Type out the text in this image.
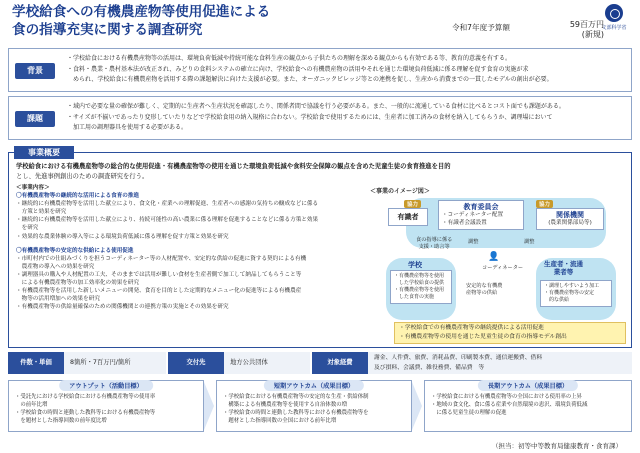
学校給食への有機農産物等使用促進による
食の指導充実に関する調査研究	令和7年度予算額	59百万円
(新規)
文部科学省
背景

・学校給食における有機農産物等の活用は、環境負荷低減や持続可能な食料生産の観点から子供たちの理解を深める観点からも有効である等、教育的意義を有する。

・食料・農業・農村基本法が改正され、みどりの食料システムの確立に向け、学校給食への有機農産物の活用やそれを通じた環境負荷低減に係る理解を促す食育の実施が求

　められ、学校給食に有機農産物を活用する際の課題解決に向けた支援が必要。また、オーガニックビレッジ等との連携を促し、生産から消費までの一貫したモデルの創出が必要。

課題

・域内で必要な量の確保が難しく、定期的に生産者へ生産状況を確認したり、関係者間で協議を行う必要がある。また、一般的に流通している食材に比べるとコスト面でも課題がある。

・サイズが不揃いであったり変形していたりなどで学校給食用の納入規格に合わない。学校給食で使用するためには、生産者に加工済みの食材を納入してもらうか、調理場において

　加工用の調理器具を使用する必要がある。

事業概要

学校給食における有機農産物等の総合的な使用促進・有機農産物等の使用を通じた環境負荷低減や食料安全保障の観点を含めた児童生徒の食育推進を目的

とし、先進事例創出のための調査研究を行う。

＜事業内容＞

〇有機農産物等の継続的な活用による食育の推進

・継続的に有機農産物等を活用した献立により、食文化・産業への理解促進、生産者への感謝の気持ちの醸成などに係る

　方策と効果を研究

・継続的に有機農産物等を活用した献立により、持続可能性の高い農業に係る理解を促進することなどに係る方策と効果

　を研究

・効果的な農業体験の導入等による環境負荷低減に係る理解を促す方策と効果を研究

〇有機農産物等の安定的な供給による使用促進

・市町村内での仕組みづくりを担うコーディネーター等の人材配置や、安定的な供給の促進に資する契約による有機

　農産物の導入への効果を研究

・調理器具の購入や人材配置の工夫、そのままでは活用が難しい食材を生産者側で加工して納品してもらうこと等

　による有機農産物等の加工効率化の効果を研究

・有機農産物等を活用した新しいメニューの開発、食育を目的とした定期的なメニュー化の促進等による有機農産

　物等の活用増加への効果を研究

・有機農産物等の供給量確保のための関係機関との連携方策の実施とその効果を研究

＜事業のイメージ図＞
協力	協力
有識者
教育委員会
・コーディネーター配置
・有識者会議設置
関係機関
(農業関係部局等)
食の指導に係る
支援・助言等
調整	調整
👤
コーディネーター
学校
・有機農産物等を使用
　した学校給食の提供
・有機農産物等を使用
　した食育の実施
安定的な有機農
産物等の供給
生産者・流通
業者等
・調理しやすいよう加工
・有機農産物等の安定
　的な供給

・学校給食での有機農産物等の継続提供による活用促進

・有機農産物等の使用を通じた児童生徒の食育の指導モデル創出

件数・単価	8箇所・7百万円/箇所	交付先	地方公共団体	対象経費
謝金、人件費、旅費、消耗品費、印刷製本費、通信運搬費、借料
及び損料、会議費、雑役務費、備品費　等
アウトプット（活動目標）

・受託先における学校給食における有機農産物等の使用率

　の前年比増

・学校給食の時間と連動した教科等における有機農産物等

　を題材とした指導回数の前年度比増

短期アウトカム（成果目標）

・学校給食における有機農産物等の安定的な生産・供給体制

　構築による有機農産物等を使用する自治体数の増

・学校給食の時間と連動した教科等における有機農産物等を

　題材とした指導回数の全国における前年比増

長期アウトカム（成果目標）

・学校給食における有機農産物等の全国における使用率の上昇

・地域の食文化、食に係る産業や自然環境の恵沢、環境負荷低減

　に係る児童生徒の理解の促進

（担当：初等中等教育局健康教育・食育課）
